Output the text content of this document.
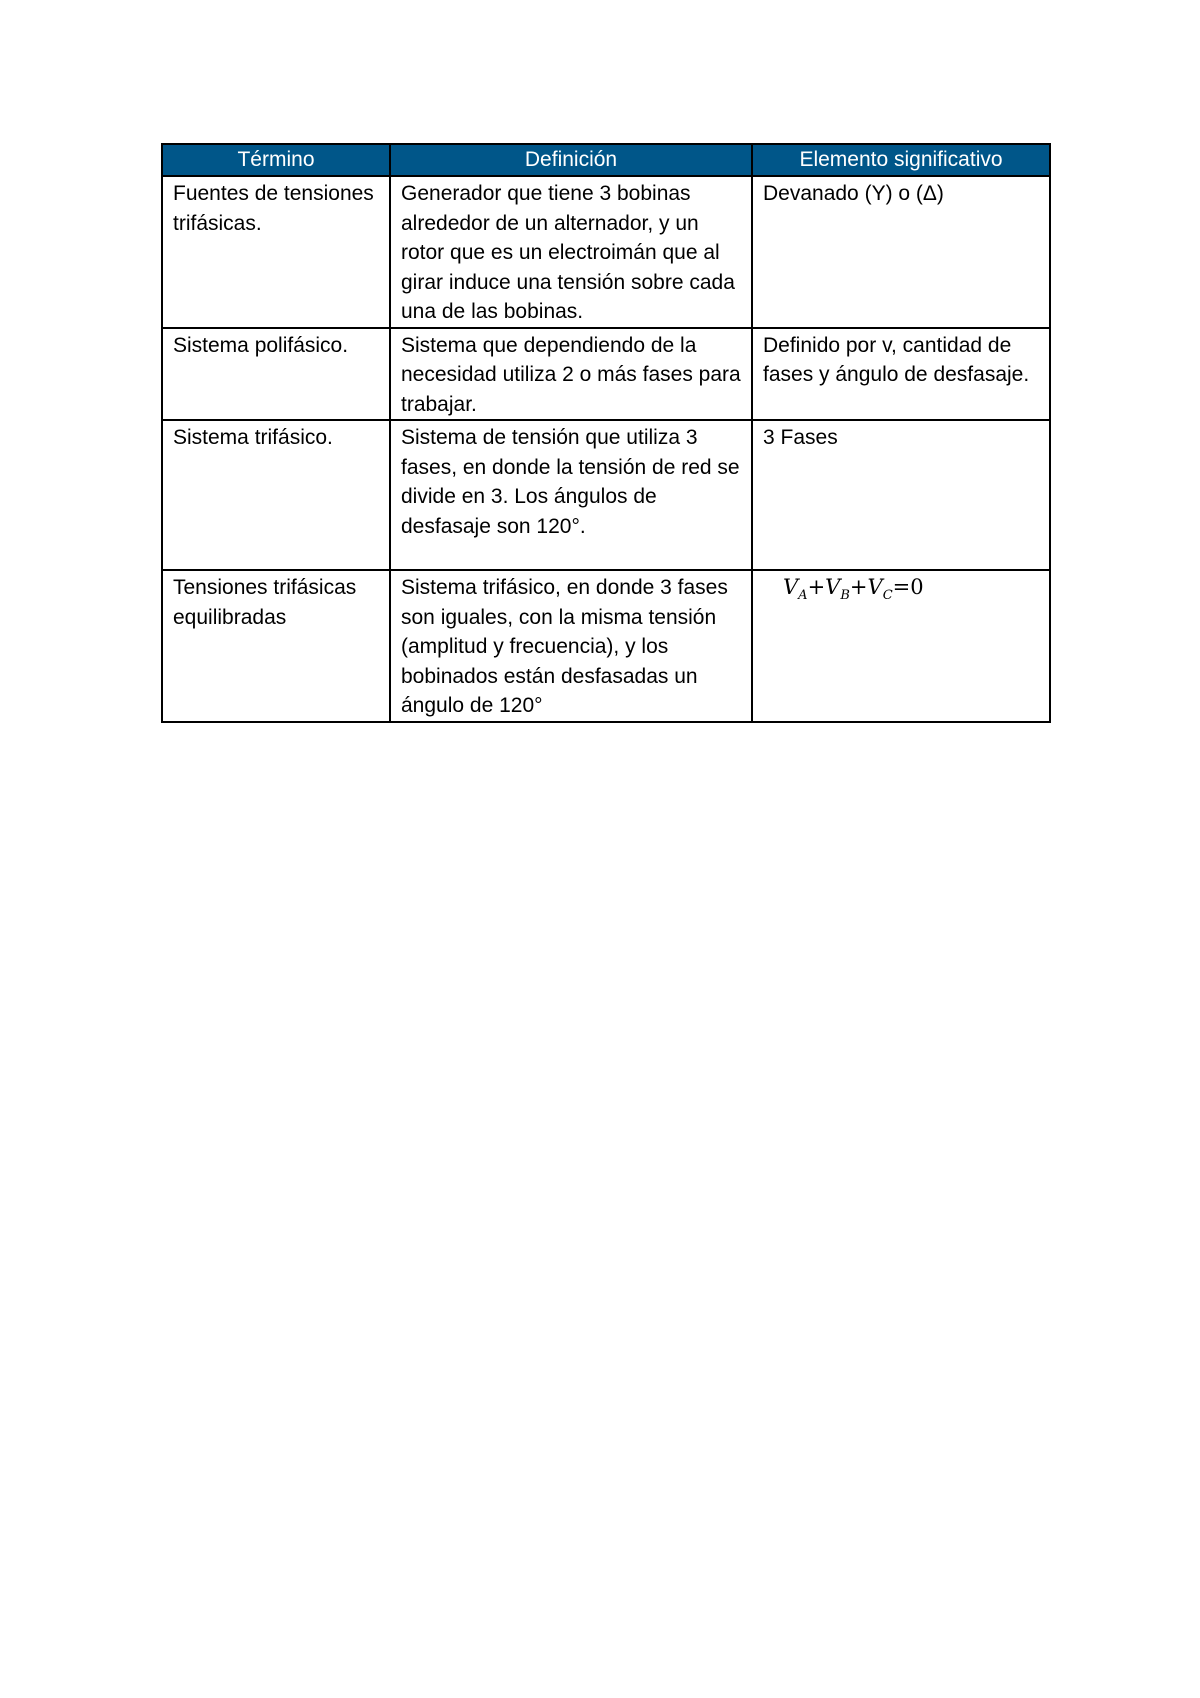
Término	Definición	Elemento significativo
Fuentes de tensiones trifásicas.	Generador que tiene 3 bobinas alrededor de un alternador, y un rotor que es un electroimán que al girar induce una tensión sobre cada una de las bobinas.	Devanado (Y) o (Δ)
Sistema polifásico.	Sistema que dependiendo de la necesidad utiliza 2 o más fases para trabajar.	Definido por v, cantidad de fases y ángulo de desfasaje.
Sistema trifásico.	Sistema de tensión que utiliza 3 fases, en donde la tensión de red se divide en 3. Los ángulos de desfasaje son 120°.	3 Fases
Tensiones trifásicas equilibradas	Sistema trifásico, en donde 3 fases son iguales, con la misma tensión (amplitud y frecuencia), y los bobinados están desfasadas un ángulo de 120°	$V_A+V_B+V_C=0$
